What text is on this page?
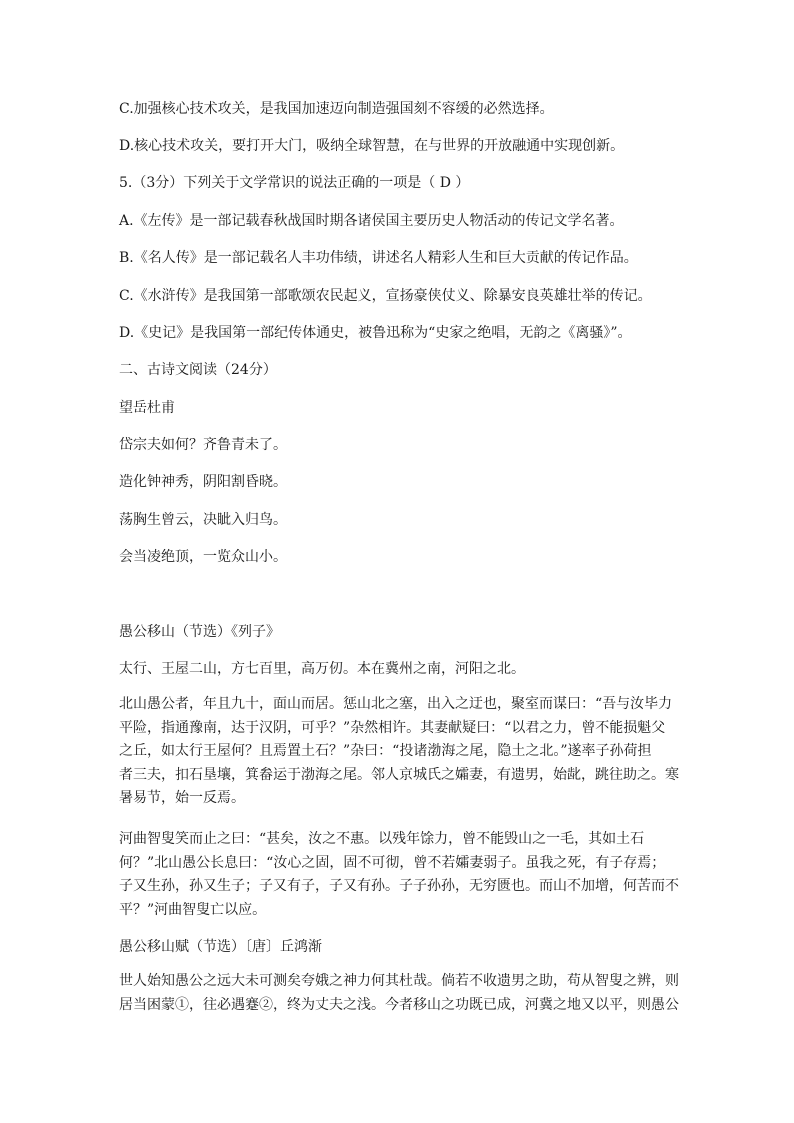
C.加强核心技术攻关，是我国加速迈向制造强国刻不容缓的必然选择。
D.核心技术攻关，要打开大门，吸纳全球智慧，在与世界的开放融通中实现创新。
5.（3分）下列关于文学常识的说法正确的一项是（ D ）
A.《左传》是一部记载春秋战国时期各诸侯国主要历史人物活动的传记文学名著。
B.《名人传》是一部记载名人丰功伟绩，讲述名人精彩人生和巨大贡献的传记作品。
C.《水浒传》是我国第一部歌颂农民起义，宣扬豪侠仗义、除暴安良英雄壮举的传记。
D.《史记》是我国第一部纪传体通史，被鲁迅称为“史家之绝唱，无韵之《离骚》”。
二、古诗文阅读（24分）
望岳杜甫
岱宗夫如何？齐鲁青未了。
造化钟神秀，阴阳割昏晓。
荡胸生曾云，决眦入归鸟。
会当凌绝顶，一览众山小。
愚公移山（节选）《列子》
太行、王屋二山，方七百里，高万仞。本在冀州之南，河阳之北。
北山愚公者，年且九十，面山而居。惩山北之塞，出入之迂也，聚室而谋曰：“吾与汝毕力
平险，指通豫南，达于汉阴，可乎？”杂然相许。其妻献疑曰：“以君之力，曾不能损魁父
之丘，如太行王屋何？且焉置土石？”杂曰：“投诸渤海之尾，隐土之北。”遂率子孙荷担
者三夫，扣石垦壤，箕畚运于渤海之尾。邻人京城氏之孀妻，有遗男，始龀，跳往助之。寒
暑易节，始一反焉。
河曲智叟笑而止之曰：“甚矣，汝之不惠。以残年馀力，曾不能毁山之一毛，其如土石
何？”北山愚公长息曰：“汝心之固，固不可彻，曾不若孀妻弱子。虽我之死，有子存焉；
子又生孙，孙又生子；子又有子，子又有孙。子子孙孙，无穷匮也。而山不加增，何苦而不
平？”河曲智叟亡以应。
愚公移山赋（节选）〔唐〕丘鸿渐
世人始知愚公之远大未可测矣夸娥之神力何其杜哉。倘若不收遗男之助，苟从智叟之辨，则
居当困蒙①，往必遇蹇②，终为丈夫之浅。今者移山之功既已成，河冀之地又以平，则愚公
